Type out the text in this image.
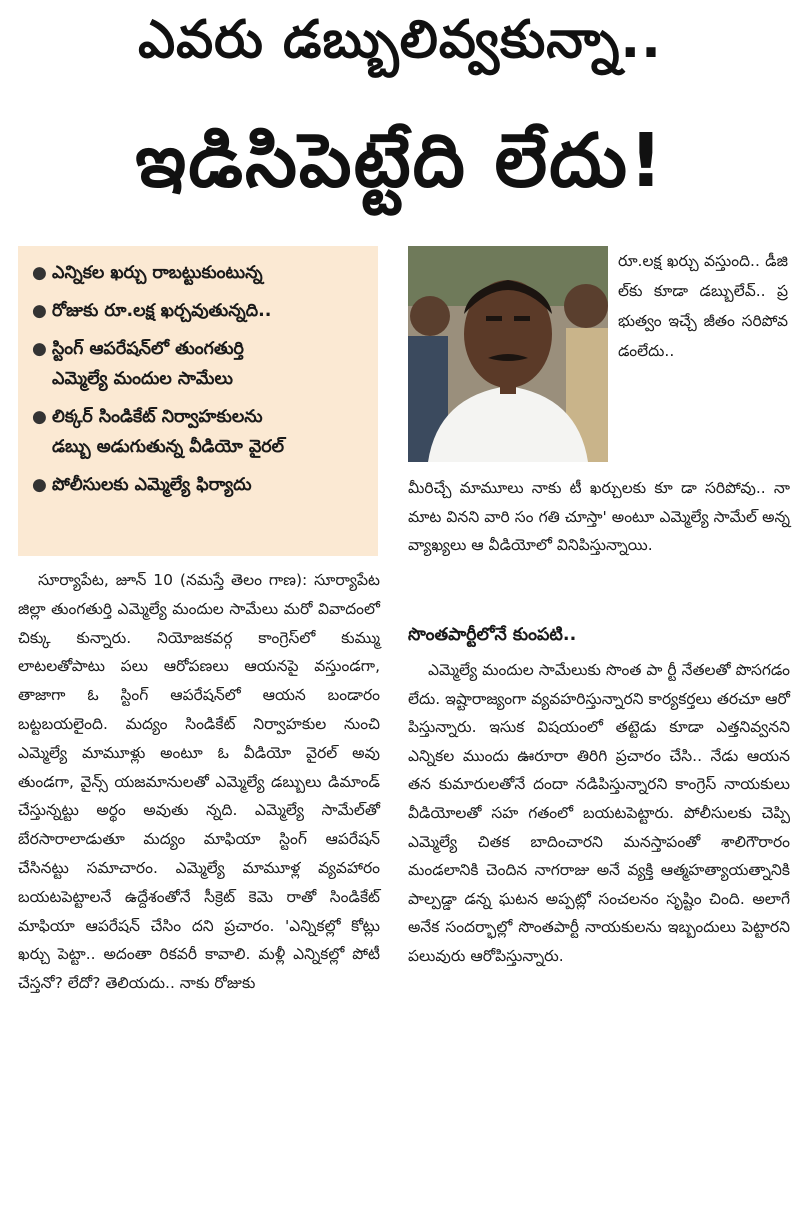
ఎవరు డబ్బులివ్వకున్నా..
ఇడిసిపెట్టేది లేదు!
● ఎన్నికల ఖర్చు రాబట్టుకుంటున్న
● రోజుకు రూ.లక్ష ఖర్చవుతున్నది..
● స్టింగ్ ఆపరేషన్‌లో తుంగతుర్తి
ఎమ్మెల్యే మందుల సామేలు
● లిక్కర్ సిండికేట్ నిర్వాహకులను
డబ్బు అడుగుతున్న వీడియో వైరల్
● పోలీసులకు ఎమ్మెల్యే ఫిర్యాదు

రూ.లక్ష ఖర్చు వస్తుంది.. డీజి ల్‌కు కూడా డబ్బులేవ్.. ప్ర భుత్వం ఇచ్చే జీతం సరిపోవ డంలేదు..

మీరిచ్చే మామూలు నాకు టీ ఖర్చులకు కూ డా సరిపోవు.. నా మాట వినని వారి సం గతి చూస్తా' అంటూ ఎమ్మెల్యే సామేల్ అన్న వ్యాఖ్యలు ఆ వీడియోలో వినిపిస్తున్నాయి.

సొంతపార్టీలోనే కుంపటి..

ఎమ్మెల్యే మందుల సామేలుకు సొంత పా ర్టీ నేతలతో పొసగడం లేదు. ఇష్టారాజ్యంగా వ్యవహరిస్తున్నారని కార్యకర్తలు తరచూ ఆరో పిస్తున్నారు. ఇసుక విషయంలో తట్టెడు కూడా ఎత్తనివ్వనని ఎన్నికల ముందు ఊరూరా తిరిగి ప్రచారం చేసి.. నేడు ఆయన తన కుమారులతోనే దందా నడిపిస్తున్నారని కాంగ్రెస్ నాయకులు వీడియోలతో సహ గతంలో బయటపెట్టారు. పోలీసులకు చెప్పి ఎమ్మెల్యే చితక బాదించారని మనస్తాపంతో శాలిగౌరారం మండలానికి చెందిన నాగరాజు అనే వ్యక్తి ఆత్మహత్యాయత్నానికి పాల్పడ్డా డన్న ఘటన అప్పట్లో సంచలనం సృష్టిం చింది. అలాగే అనేక సందర్భాల్లో సొంతపార్టీ నాయకులను ఇబ్బందులు పెట్టారని పలువురు ఆరోపిస్తున్నారు.

సూర్యాపేట, జూన్ 10 (నమస్తే తెలం గాణ): సూర్యాపేట జిల్లా తుంగతుర్తి ఎమ్మెల్యే మందుల సామేలు మరో వివాదంలో చిక్కు కున్నారు. నియోజకవర్గ కాంగ్రెస్‌లో కుమ్ము లాటలతోపాటు పలు ఆరోపణలు ఆయనపై వస్తుండగా, తాజాగా ఓ స్టింగ్ ఆపరేషన్‌లో ఆయన బండారం బట్టబయలైంది. మద్యం సిండికేట్ నిర్వాహకుల నుంచి ఎమ్మెల్యే మామూళ్లు అంటూ ఓ వీడియో వైరల్ అవు తుండగా, వైన్స్ యజమానులతో ఎమ్మెల్యే డబ్బులు డిమాండ్ చేస్తున్నట్టు అర్థం అవుతు న్నది. ఎమ్మెల్యే సామేల్‌తో బేరసారాలాడుతూ మద్యం మాఫియా స్టింగ్ ఆపరేషన్ చేసినట్టు సమాచారం. ఎమ్మెల్యే మామూళ్ల వ్యవహారం బయటపెట్టాలనే ఉద్దేశంతోనే సీక్రెట్ కెమె రాతో సిండికేట్ మాఫియా ఆపరేషన్ చేసిం దని ప్రచారం. 'ఎన్నికల్లో కోట్లు ఖర్చు పెట్టా.. అదంతా రికవరీ కావాలి. మళ్లీ ఎన్నికల్లో పోటీ చేస్తనో? లేదో? తెలియదు.. నాకు రోజుకు
